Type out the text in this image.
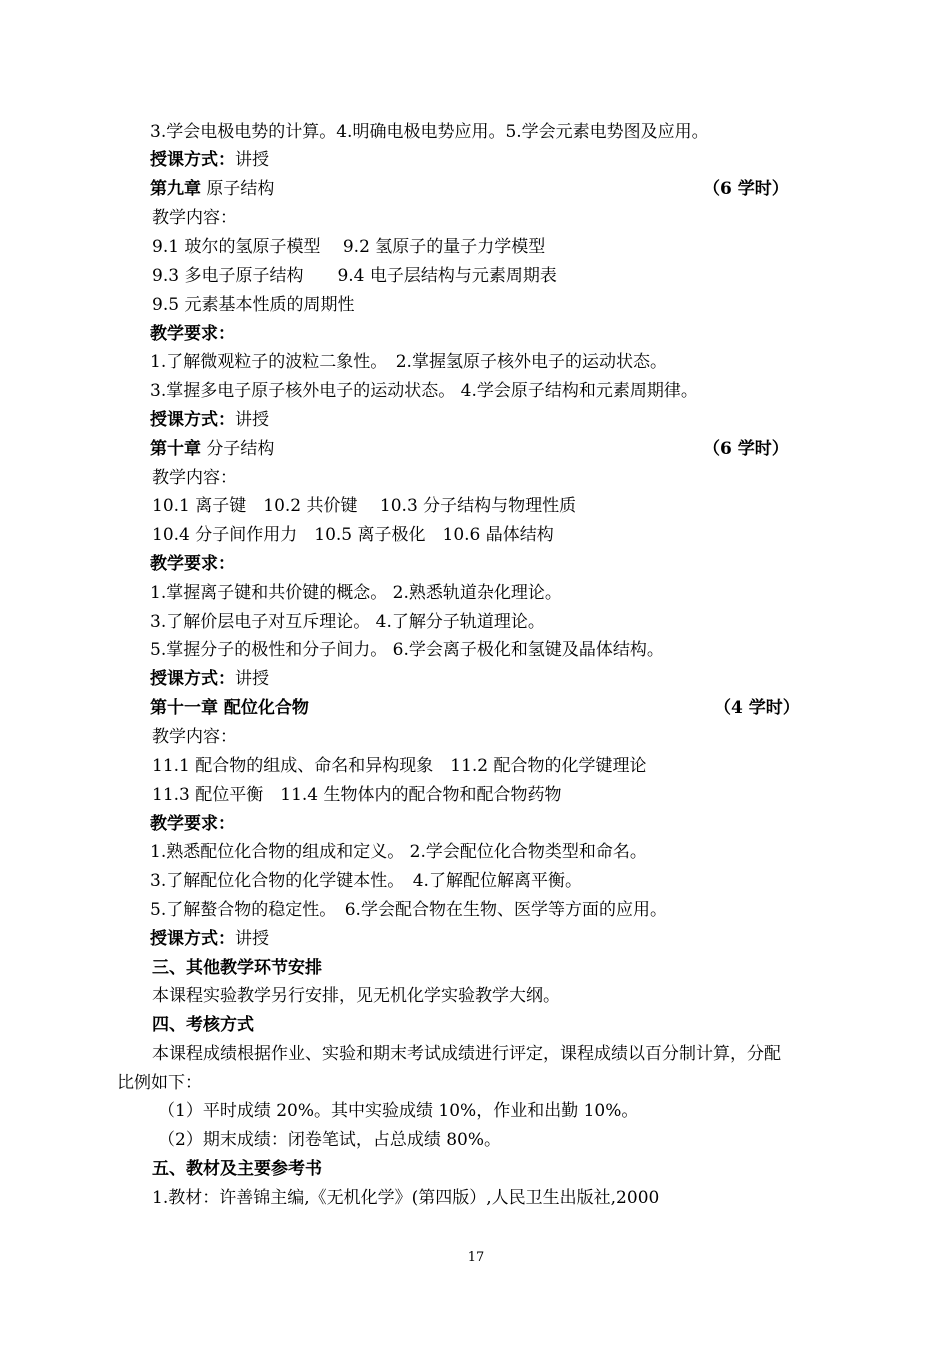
3.学会电极电势的计算。4.明确电极电势应用。5.学会元素电势图及应用。
授课方式：讲授
第九章 原子结构	（6 学时）
教学内容：
9.1 玻尔的氢原子模型　 9.2 氢原子的量子力学模型
9.3 多电子原子结构　　9.4 电子层结构与元素周期表
9.5 元素基本性质的周期性
教学要求：
1.了解微观粒子的波粒二象性。　2.掌握氢原子核外电子的运动状态。
3.掌握多电子原子核外电子的运动状态。 4.学会原子结构和元素周期律。
授课方式：讲授
第十章 分子结构	（6 学时）
教学内容：
10.1 离子键　10.2 共价键　 10.3 分子结构与物理性质
10.4 分子间作用力　10.5 离子极化　10.6 晶体结构
教学要求：
1.掌握离子键和共价键的概念。 2.熟悉轨道杂化理论。
3.了解价层电子对互斥理论。 4.了解分子轨道理论。
5.掌握分子的极性和分子间力。 6.学会离子极化和氢键及晶体结构。
授课方式：讲授
第十一章 配位化合物	（4 学时）
教学内容：
11.1 配合物的组成、命名和异构现象　11.2 配合物的化学键理论
11.3 配位平衡　11.4 生物体内的配合物和配合物药物
教学要求：
1.熟悉配位化合物的组成和定义。 2.学会配位化合物类型和命名。
3.了解配位化合物的化学键本性。　4.了解配位解离平衡。
5.了解螯合物的稳定性。　6.学会配合物在生物、医学等方面的应用。
授课方式：讲授
三、其他教学环节安排
本课程实验教学另行安排，见无机化学实验教学大纲。
四、考核方式
本课程成绩根据作业、实验和期末考试成绩进行评定，课程成绩以百分制计算，分配
比例如下：
（1）平时成绩 20%。其中实验成绩 10%，作业和出勤 10%。
（2）期末成绩：闭卷笔试，占总成绩 80%。
五、教材及主要参考书
1.教材：许善锦主编,《无机化学》(第四版）,人民卫生出版社,2000
17
